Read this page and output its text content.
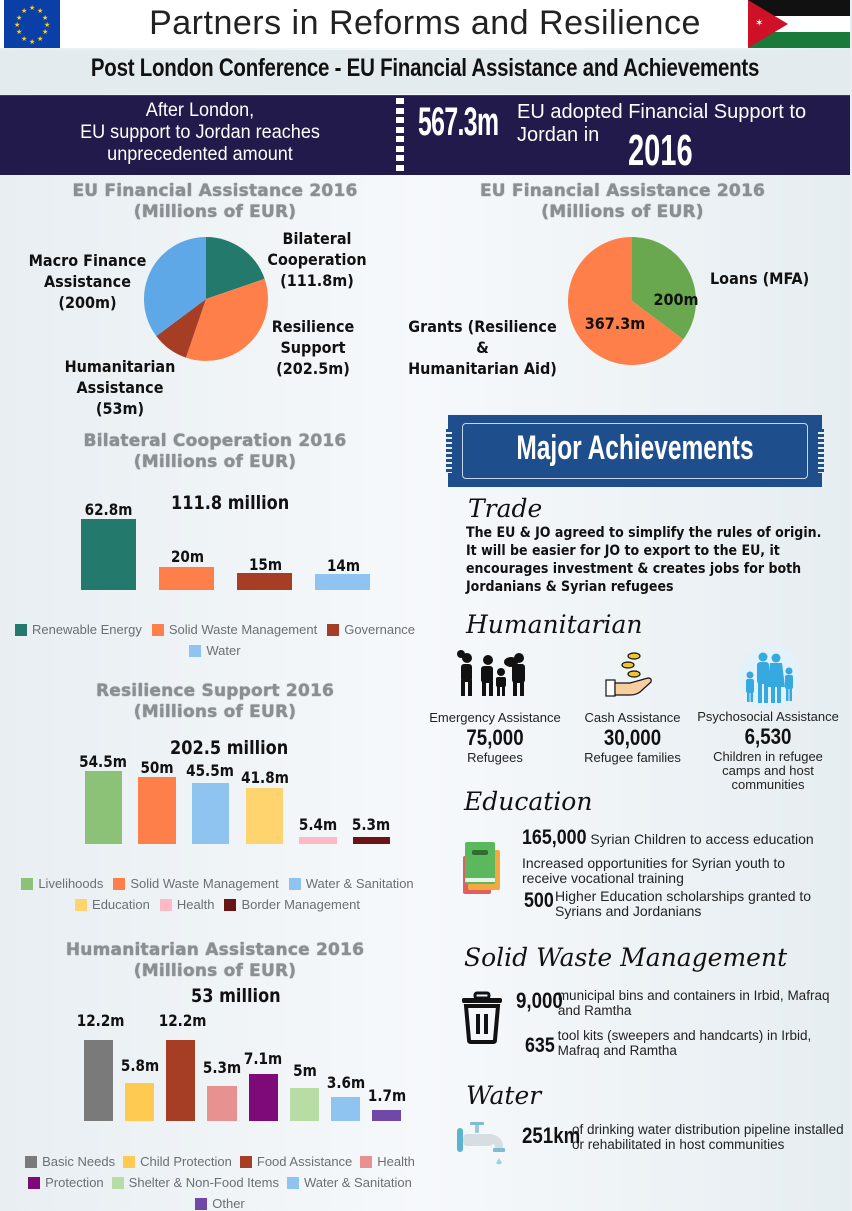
★ ★
★
★
★
★
★
★
★
★
★
★	Partners in Reforms and Resilience	✶
Post London Conference - EU Financial Assistance and Achievements
After London,
EU support to Jordan reaches
unprecedented amount
567.3m EU adopted Financial Support to Jordan in 2016
EU Financial Assistance 2016
(Millions of EUR)
Bilateral
Cooperation
(111.8m)
Resilience
Support
(202.5m)
Humanitarian
Assistance
(53m)
Macro Finance
Assistance
(200m)
EU Financial Assistance 2016
(Millions of EUR)
200m
367.3m
Loans (MFA)
Grants (Resilience &
Humanitarian Aid)
Bilateral Cooperation 2016
(Millions of EUR)
111.8 million
62.8m
20m	15m	14m
Renewable Energy Solid Waste Management Governance
Water
Resilience Support 2016
(Millions of EUR)
202.5 million
54.5m 50m 45.5m 41.8m
5.4m 5.3m
Livelihoods Solid Waste Management Water & Sanitation
Education Health Border Management
Humanitarian Assistance 2016
(Millions of EUR)
53 million
12.2m
5.8m
12.2m
5.3m 7.1m
5m
3.6m
1.7m
Basic Needs Child Protection Food Assistance Health
Protection Shelter & Non-Food Items Water & Sanitation
Other
Major Achievements
Trade
The EU & JO agreed to simplify the rules of origin. It will be easier for JO to export to the EU, it encourages investment & creates jobs for both Jordanians & Syrian refugees
Humanitarian
Emergency Assistance
75,000
Refugees
Cash Assistance
30,000
Refugee families
Psychosocial Assistance
6,530
Children in refugee camps and host communities
Education
165,000 Syrian Children to access education
Increased opportunities for Syrian youth to receive vocational training
500 Higher Education scholarships granted to Syrians and Jordanians
Solid Waste Management
9,000
municipal bins and containers in Irbid, Mafraq and Ramtha
635 tool kits (sweepers and handcarts) in Irbid, Mafraq and Ramtha
Water
251km
of drinking water distribution pipeline installed or rehabilitated in host communities
